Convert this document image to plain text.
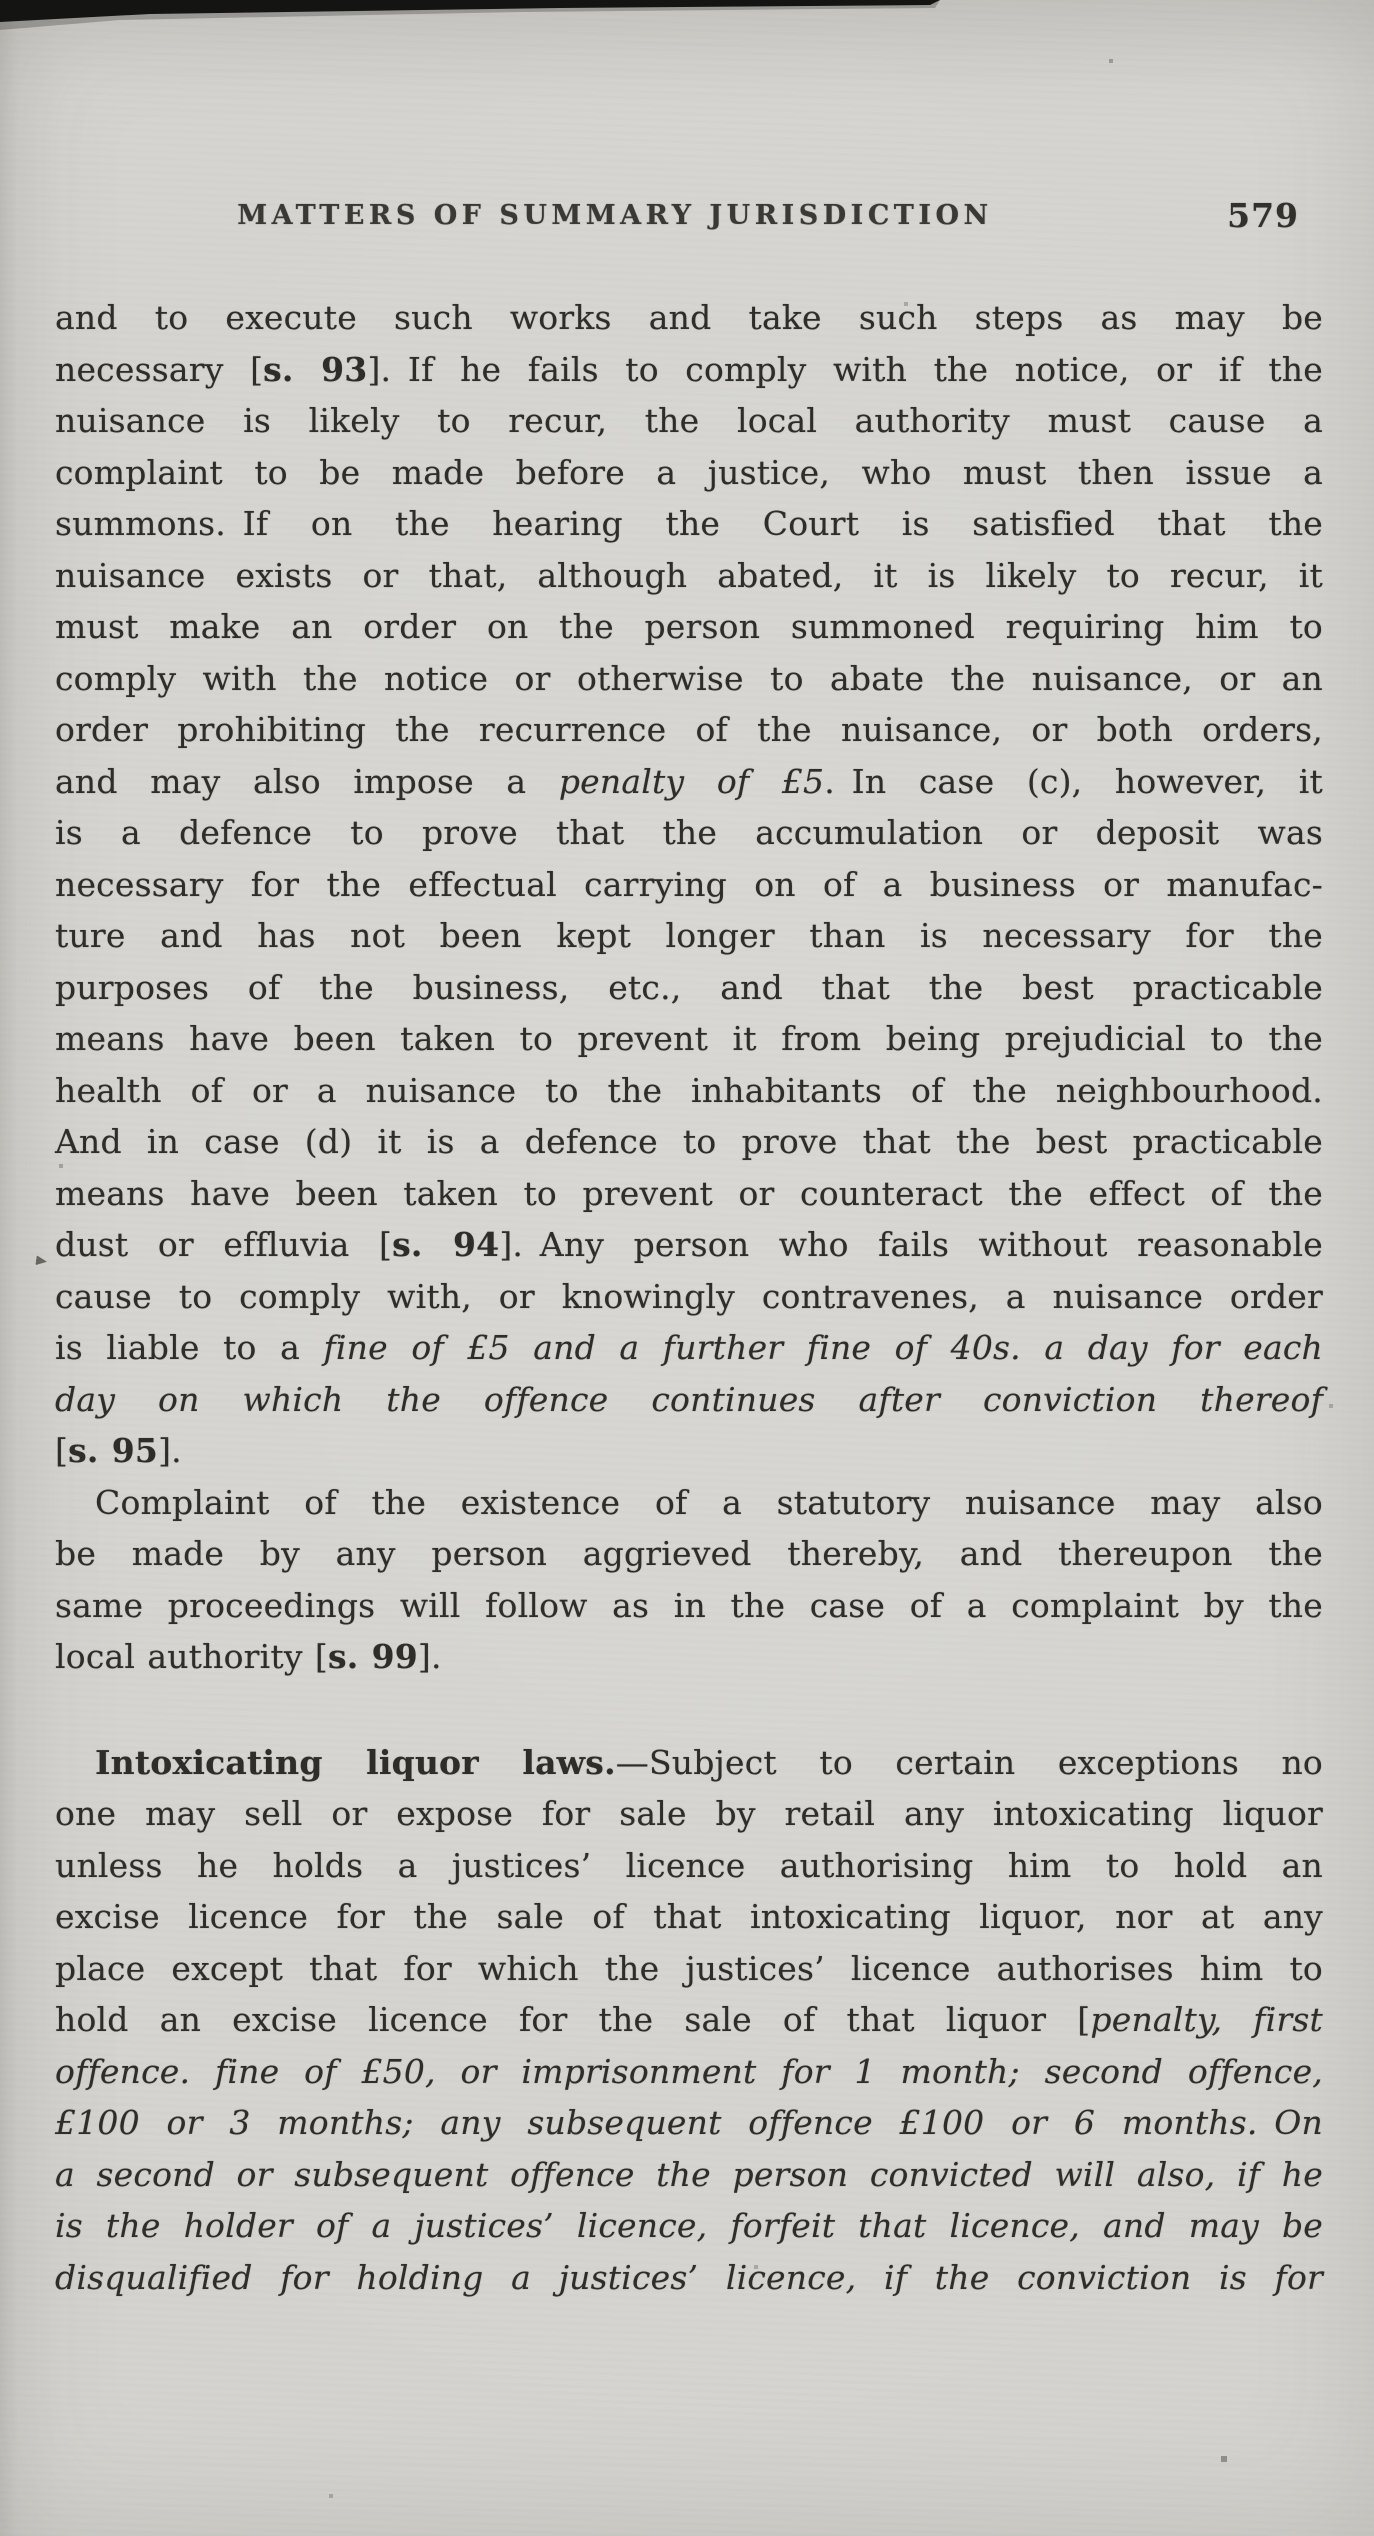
MATTERS OF SUMMARY JURISDICTION	579
and to execute such works and take such steps as may be
necessary [s. 93]. If he fails to comply with the notice, or if the
nuisance is likely to recur, the local authority must cause a
complaint to be made before a justice, who must then issue a
summons. If on the hearing the Court is satisfied that the
nuisance exists or that, although abated, it is likely to recur, it
must make an order on the person summoned requiring him to
comply with the notice or otherwise to abate the nuisance, or an
order prohibiting the recurrence of the nuisance, or both orders,
and may also impose a penalty of £5. In case (c), however, it
is a defence to prove that the accumulation or deposit was
necessary for the effectual carrying on of a business or manufac-
ture and has not been kept longer than is necessary for the
purposes of the business, etc., and that the best practicable
means have been taken to prevent it from being prejudicial to the
health of or a nuisance to the inhabitants of the neighbourhood.
And in case (d) it is a defence to prove that the best practicable
means have been taken to prevent or counteract the effect of the
dust or effluvia [s. 94]. Any person who fails without reasonable
cause to comply with, or knowingly contravenes, a nuisance order
is liable to a fine of £5 and a further fine of 40s. a day for each
day on which the offence continues after conviction thereof
[s. 95].
Complaint of the existence of a statutory nuisance may also
be made by any person aggrieved thereby, and thereupon the
same proceedings will follow as in the case of a complaint by the
local authority [s. 99].
Intoxicating liquor laws.—Subject to certain exceptions no
one may sell or expose for sale by retail any intoxicating liquor
unless he holds a justices’ licence authorising him to hold an
excise licence for the sale of that intoxicating liquor, nor at any
place except that for which the justices’ licence authorises him to
hold an excise licence for the sale of that liquor [penalty, first
offence. fine of £50, or imprisonment for 1 month; second offence,
£100 or 3 months; any subsequent offence £100 or 6 months. On
a second or subsequent offence the person convicted will also, if he
is the holder of a justices’ licence, forfeit that licence, and may be
disqualified for holding a justices’ licence, if the conviction is for
